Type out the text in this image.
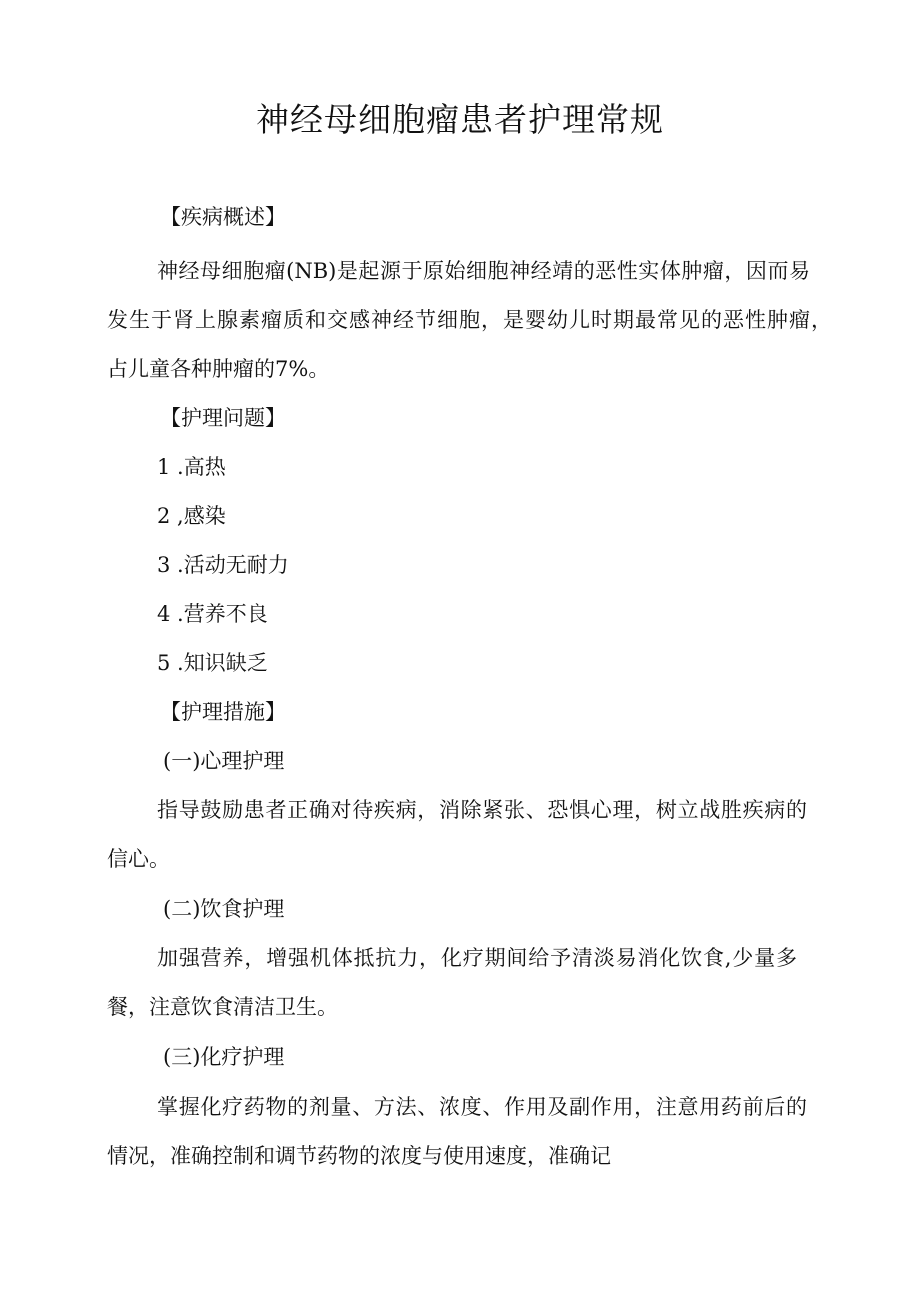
神经母细胞瘤患者护理常规

【疾病概述】

神经母细胞瘤(NB)是起源于原始细胞神经靖的恶性实体肿瘤，因而易

发生于肾上腺素瘤质和交感神经节细胞，是婴幼儿时期最常见的恶性肿瘤，

占儿童各种肿瘤的7%。

【护理问题】

1 .高热

2 ,感染

3 .活动无耐力

4 .营养不良

5 .知识缺乏

【护理措施】

(一)心理护理

指导鼓励患者正确对待疾病，消除紧张、恐惧心理，树立战胜疾病的

信心。

(二)饮食护理

加强营养，增强机体抵抗力，化疗期间给予清淡易消化饮食,少量多

餐，注意饮食清洁卫生。

(三)化疗护理

掌握化疗药物的剂量、方法、浓度、作用及副作用，注意用药前后的

情况，准确控制和调节药物的浓度与使用速度，准确记
